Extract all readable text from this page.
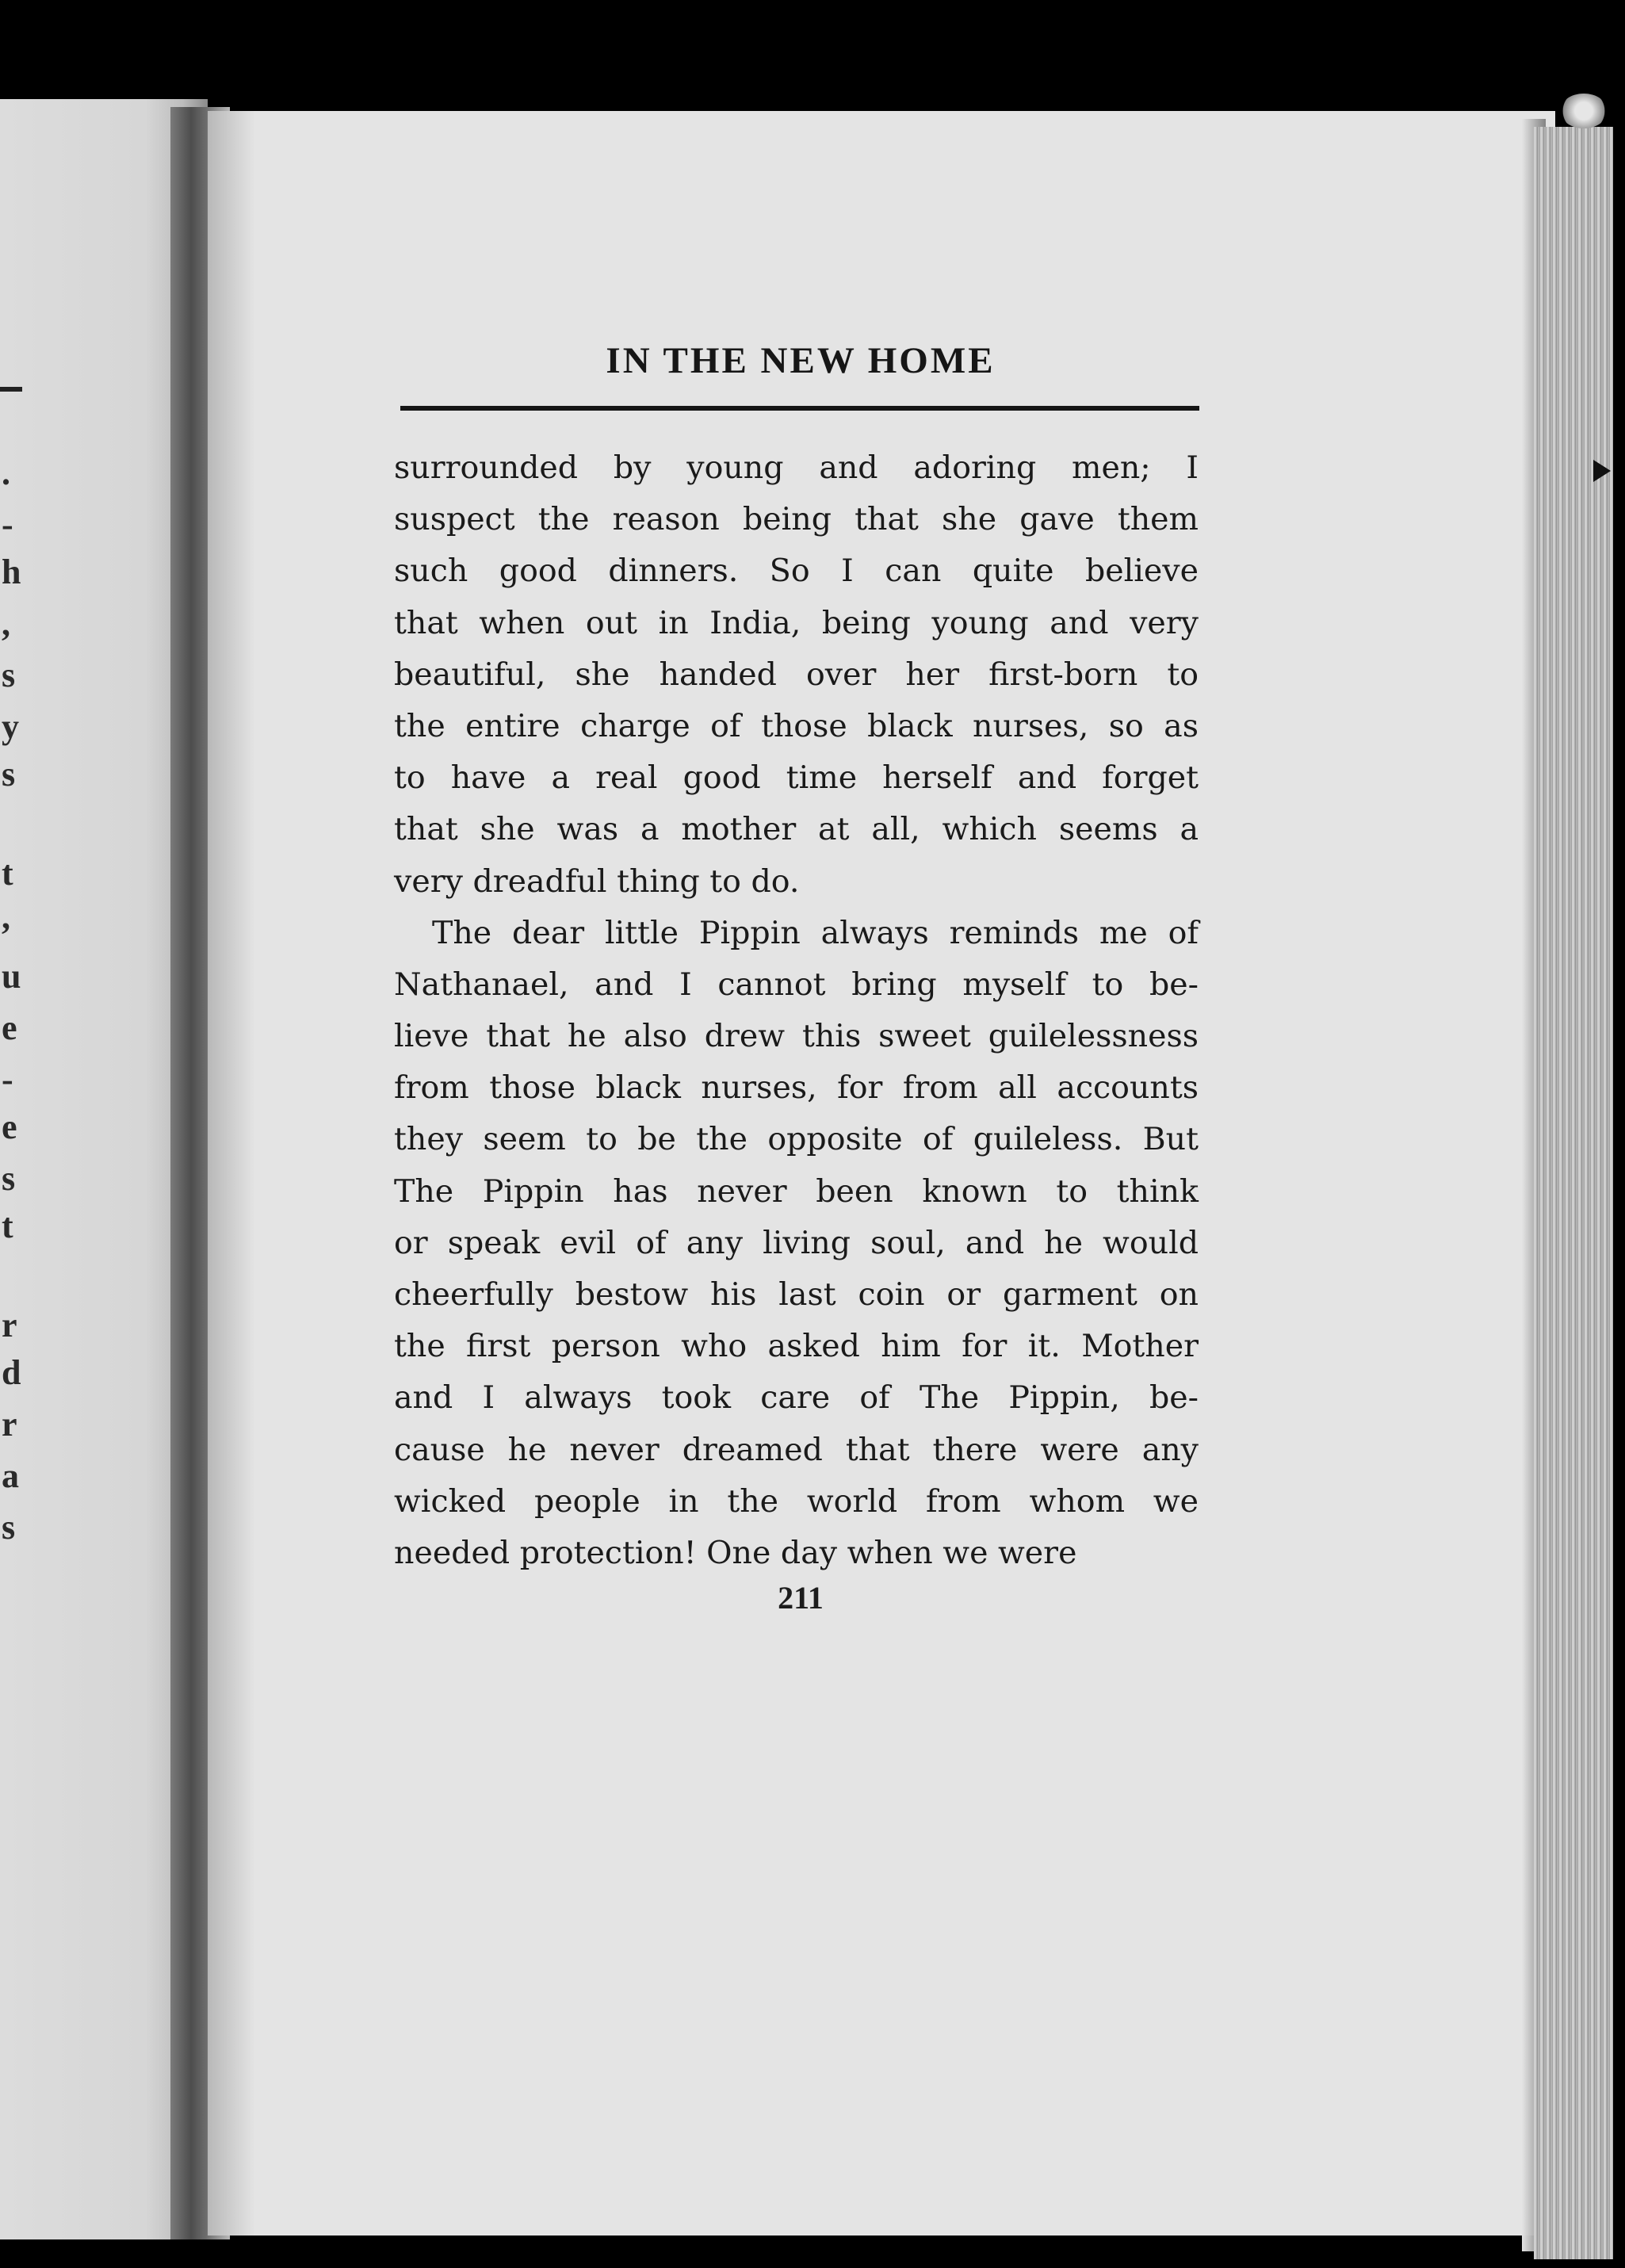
.
-
h
,
s
y
s
t
,
u
e
-
e
s
t
r
d
r
a
s
IN THE NEW HOME
surrounded by young and adoring men; I
suspect the reason being that she gave them
such good dinners. So I can quite believe
that when out in India, being young and very
beautiful, she handed over her first-born to
the entire charge of those black nurses, so as
to have a real good time herself and forget
that she was a mother at all, which seems a
very dreadful thing to do.
The dear little Pippin always reminds me of
Nathanael, and I cannot bring myself to be-
lieve that he also drew this sweet guilelessness
from those black nurses, for from all accounts
they seem to be the opposite of guileless. But
The Pippin has never been known to think
or speak evil of any living soul, and he would
cheerfully bestow his last coin or garment on
the first person who asked him for it. Mother
and I always took care of The Pippin, be-
cause he never dreamed that there were any
wicked people in the world from whom we
needed protection! One day when we were
211
